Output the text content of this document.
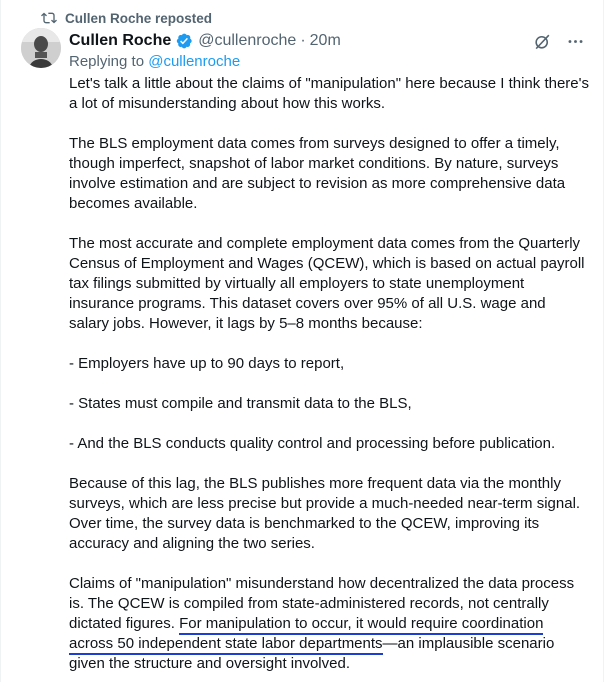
Cullen Roche reposted
Cullen Roche @cullenroche · 20m
Replying to @cullenroche

Let's talk a little about the claims of "manipulation" here because I think there's a lot of misunderstanding about how this works.

The BLS employment data comes from surveys designed to offer a timely, though imperfect, snapshot of labor market conditions. By nature, surveys involve estimation and are subject to revision as more comprehensive data becomes available.

The most accurate and complete employment data comes from the Quarterly Census of Employment and Wages (QCEW), which is based on actual payroll tax filings submitted by virtually all employers to state unemployment insurance programs. This dataset covers over 95% of all U.S. wage and salary jobs. However, it lags by 5–8 months because:

- Employers have up to 90 days to report,

- States must compile and transmit data to the BLS,

- And the BLS conducts quality control and processing before publication.

Because of this lag, the BLS publishes more frequent data via the monthly surveys, which are less precise but provide a much-needed near-term signal. Over time, the survey data is benchmarked to the QCEW, improving its accuracy and aligning the two series.

Claims of "manipulation" misunderstand how decentralized the data process is. The QCEW is compiled from state-administered records, not centrally dictated figures. For manipulation to occur, it would require coordination across 50 independent state labor departments—an implausible scenario given the structure and oversight involved.
